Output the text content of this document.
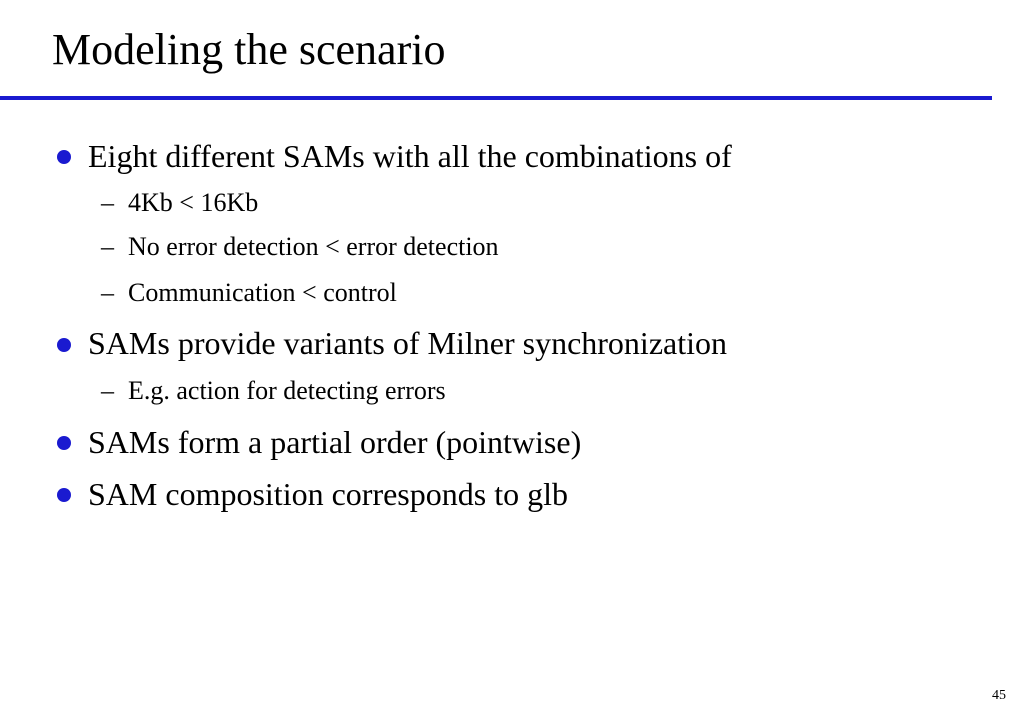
Modeling the scenario
Eight different SAMs with all the combinations of
– 4Kb < 16Kb
– No error detection < error detection
– Communication < control
SAMs provide variants of Milner synchronization
– E.g. action for detecting errors
SAMs form a partial order (pointwise)
SAM composition corresponds to glb
45
